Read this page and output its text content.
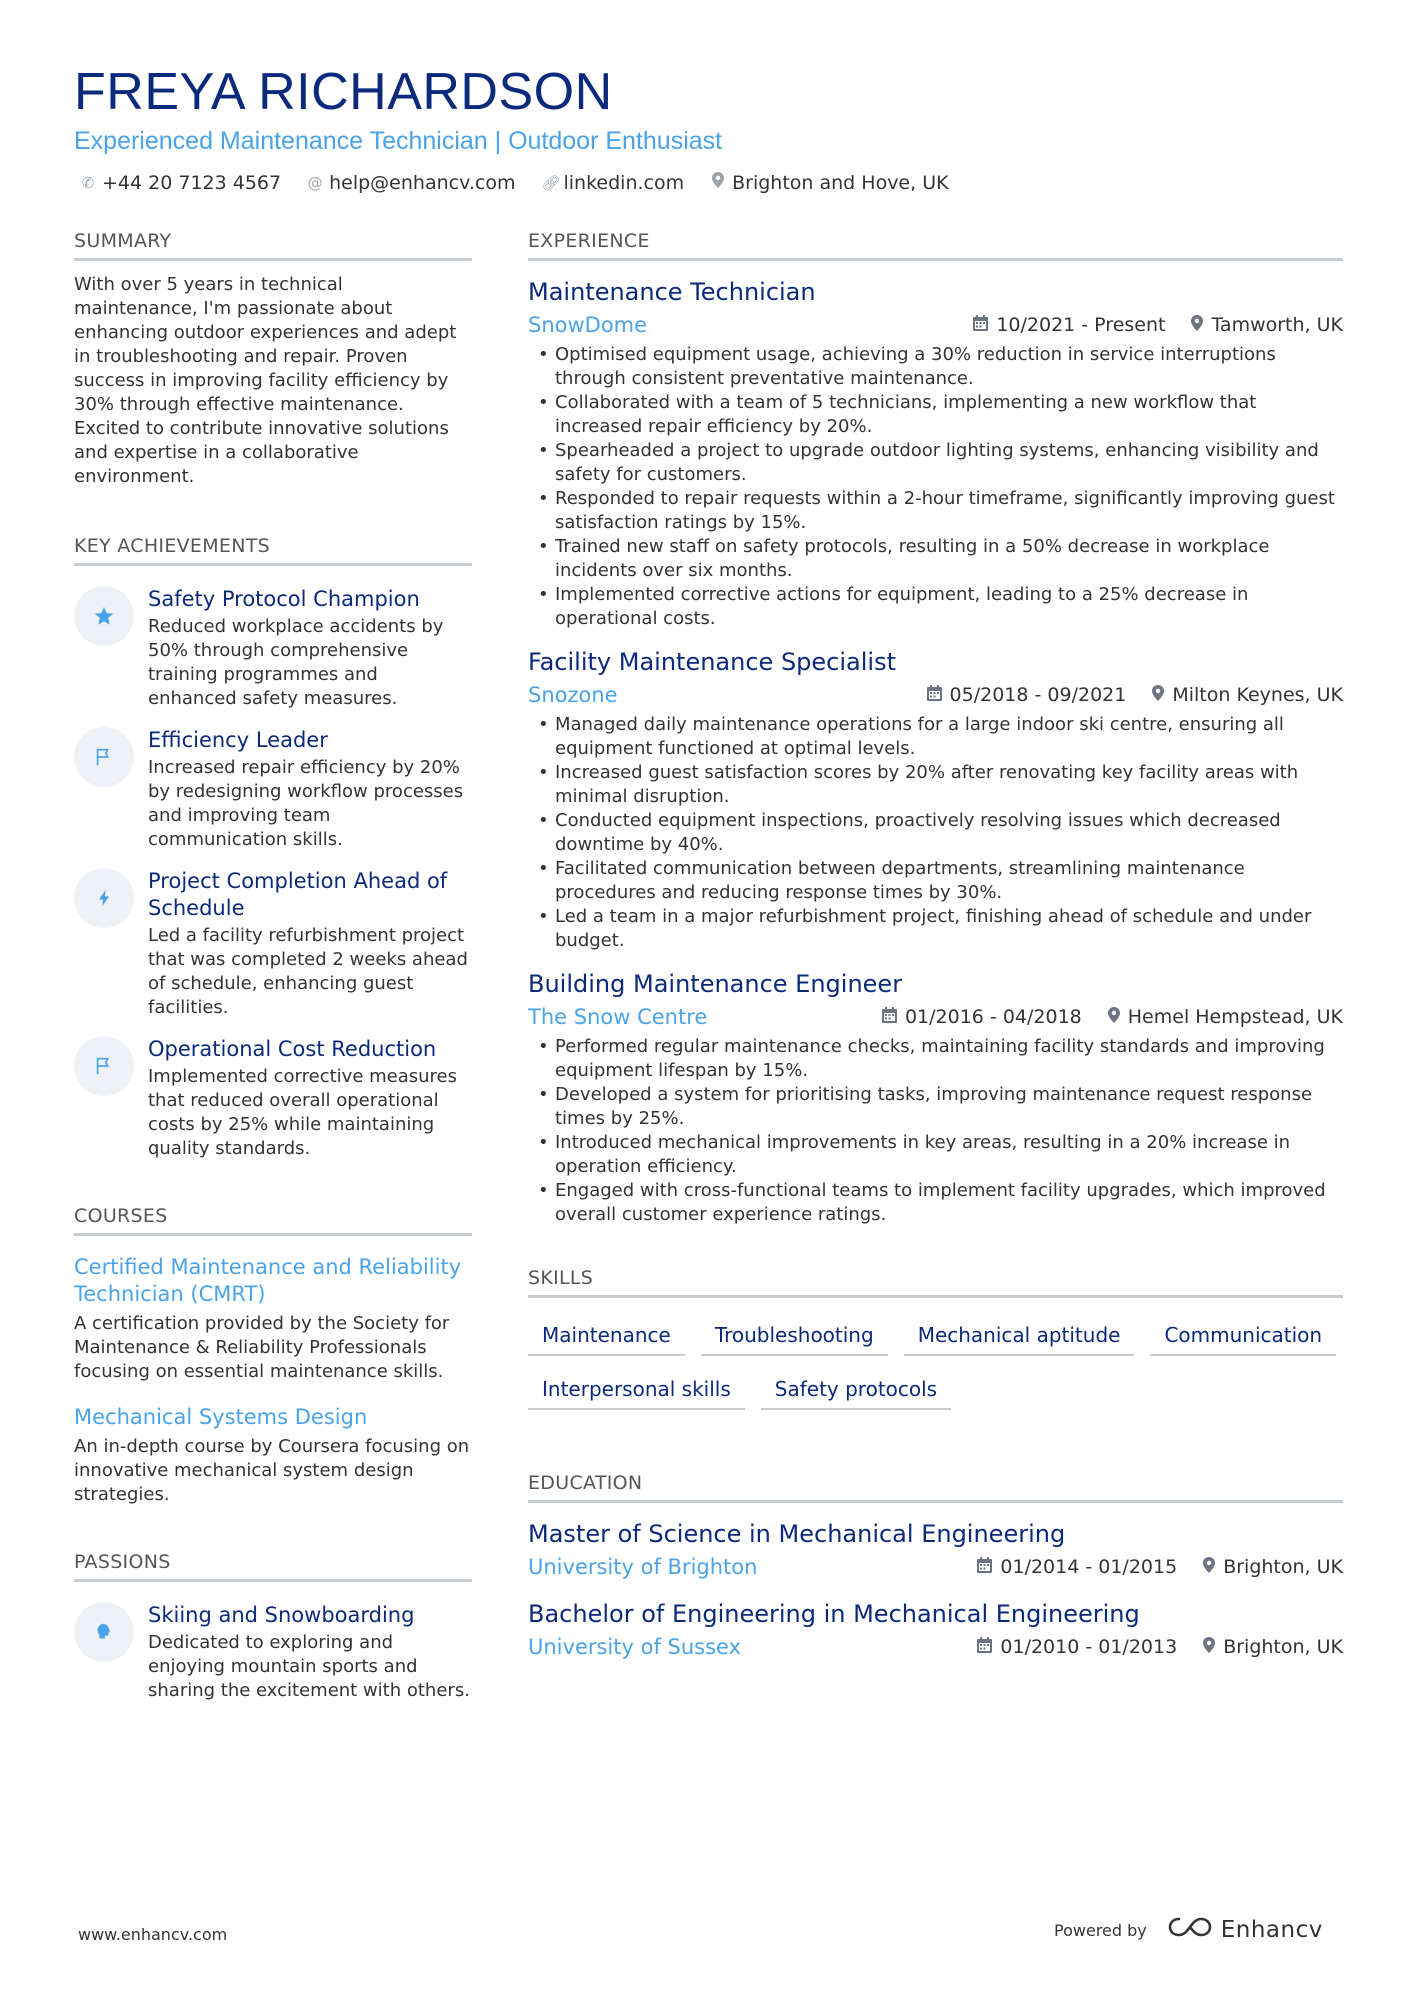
FREYA RICHARDSON
Experienced Maintenance Technician | Outdoor Enthusiast
✆ +44 20 7123 4567 @ help@enhancv.com 🔗︎ linkedin.com	Brighton and Hove, UK
SUMMARY
With over 5 years in technical maintenance, I'm passionate about enhancing outdoor experiences and adept in troubleshooting and repair. Proven success in improving facility efficiency by 30% through effective maintenance. Excited to contribute innovative solutions and expertise in a collaborative environment.
KEY ACHIEVEMENTS
Safety Protocol Champion
Reduced workplace accidents by 50% through comprehensive training programmes and enhanced safety measures.
Efficiency Leader
Increased repair efficiency by 20% by redesigning workflow processes and improving team communication skills.
Project Completion Ahead of Schedule
Led a facility refurbishment project that was completed 2 weeks ahead of schedule, enhancing guest facilities.
Operational Cost Reduction
Implemented corrective measures that reduced overall operational costs by 25% while maintaining quality standards.
COURSES
Certified Maintenance and Reliability Technician (CMRT)
A certification provided by the Society for Maintenance & Reliability Professionals focusing on essential maintenance skills.
Mechanical Systems Design
An in-depth course by Coursera focusing on innovative mechanical system design strategies.
PASSIONS
Skiing and Snowboarding
Dedicated to exploring and enjoying mountain sports and sharing the excitement with others.
EXPERIENCE
Maintenance Technician
SnowDome	10/2021 - Present Tamworth, UK
• Optimised equipment usage, achieving a 30% reduction in service interruptions through consistent preventative maintenance.
• Collaborated with a team of 5 technicians, implementing a new workflow that increased repair efficiency by 20%.
• Spearheaded a project to upgrade outdoor lighting systems, enhancing visibility and safety for customers.
• Responded to repair requests within a 2-hour timeframe, significantly improving guest satisfaction ratings by 15%.
• Trained new staff on safety protocols, resulting in a 50% decrease in workplace incidents over six months.
• Implemented corrective actions for equipment, leading to a 25% decrease in operational costs.
Facility Maintenance Specialist
Snozone	05/2018 - 09/2021 Milton Keynes, UK
• Managed daily maintenance operations for a large indoor ski centre, ensuring all equipment functioned at optimal levels.
• Increased guest satisfaction scores by 20% after renovating key facility areas with minimal disruption.
• Conducted equipment inspections, proactively resolving issues which decreased downtime by 40%.
• Facilitated communication between departments, streamlining maintenance procedures and reducing response times by 30%.
• Led a team in a major refurbishment project, finishing ahead of schedule and under budget.
Building Maintenance Engineer
The Snow Centre	01/2016 - 04/2018 Hemel Hempstead, UK
• Performed regular maintenance checks, maintaining facility standards and improving equipment lifespan by 15%.
• Developed a system for prioritising tasks, improving maintenance request response times by 25%.
• Introduced mechanical improvements in key areas, resulting in a 20% increase in operation efficiency.
• Engaged with cross-functional teams to implement facility upgrades, which improved overall customer experience ratings.
SKILLS
Maintenance	Troubleshooting	Mechanical aptitude	Communication
Interpersonal skills	Safety protocols
EDUCATION
Master of Science in Mechanical Engineering
University of Brighton	01/2014 - 01/2015 Brighton, UK
Bachelor of Engineering in Mechanical Engineering
University of Sussex	01/2010 - 01/2013 Brighton, UK
www.enhancv.com	Powered by	Enhancv
